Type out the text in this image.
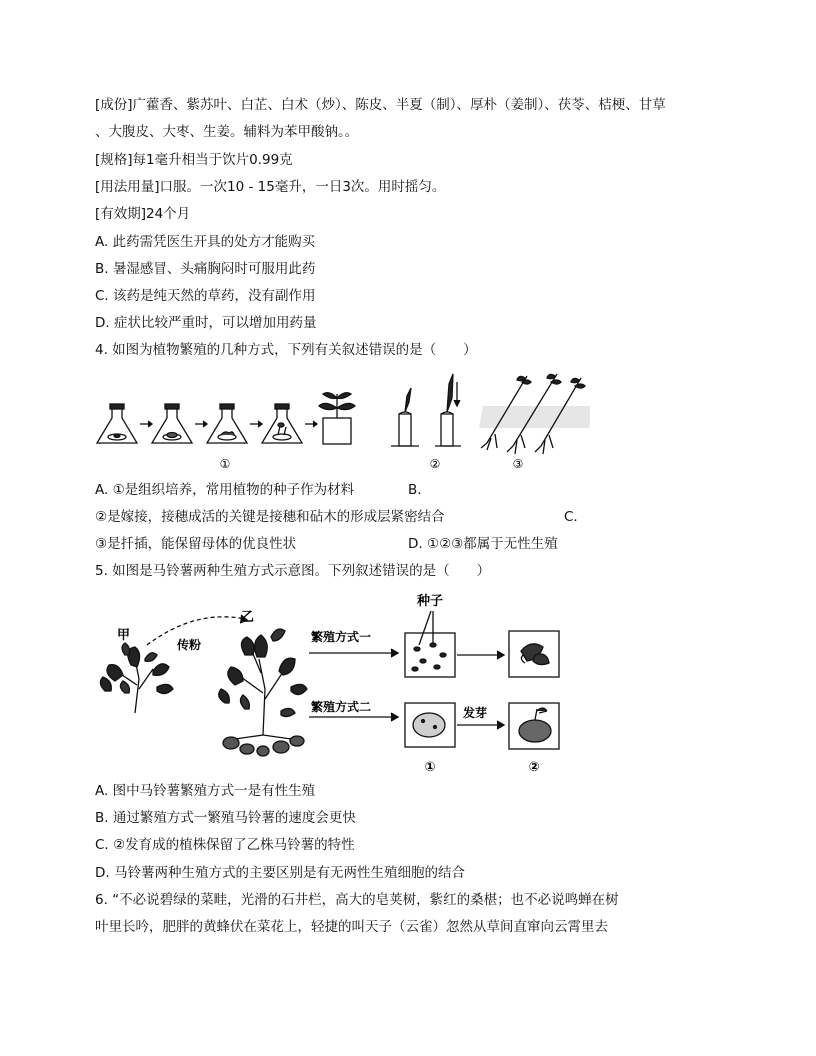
[成份]广藿香、紫苏叶、白芷、白术（炒）、陈皮、半夏（制）、厚朴（姜制）、茯苓、桔梗、甘草
、大腹皮、大枣、生姜。辅料为苯甲酸钠。。
[规格]每1毫升相当于饮片0.99克
[用法用量]口服。一次10 - 15毫升，一日3次。用时摇匀。
[有效期]24个月
A. 此药需凭医生开具的处方才能购买
B. 暑湿感冒、头痛胸闷时可服用此药
C. 该药是纯天然的草药，没有副作用
D. 症状比较严重时，可以增加用药量
4. 如图为植物繁殖的几种方式，下列有关叙述错误的是（　　）
①	②	③
A. ①是组织培养，常用植物的种子作为材料	B.
②是嫁接，接穗成活的关键是接穗和砧木的形成层紧密结合	C.
③是扦插，能保留母体的优良性状	D. ①②③都属于无性生殖
5. 如图是马铃薯两种生殖方式示意图。下列叙述错误的是（　　）
甲
乙
传粉
繁殖方式一
繁殖方式二
种子
发芽
①	②
A. 图中马铃薯繁殖方式一是有性生殖
B. 通过繁殖方式一繁殖马铃薯的速度会更快
C. ②发育成的植株保留了乙株马铃薯的特性
D. 马铃薯两种生殖方式的主要区别是有无两性生殖细胞的结合
6. “不必说碧绿的菜畦，光滑的石井栏，高大的皂荚树，紫红的桑椹；也不必说鸣蝉在树
叶里长吟，肥胖的黄蜂伏在菜花上，轻捷的叫天子（云雀）忽然从草间直窜向云霄里去
